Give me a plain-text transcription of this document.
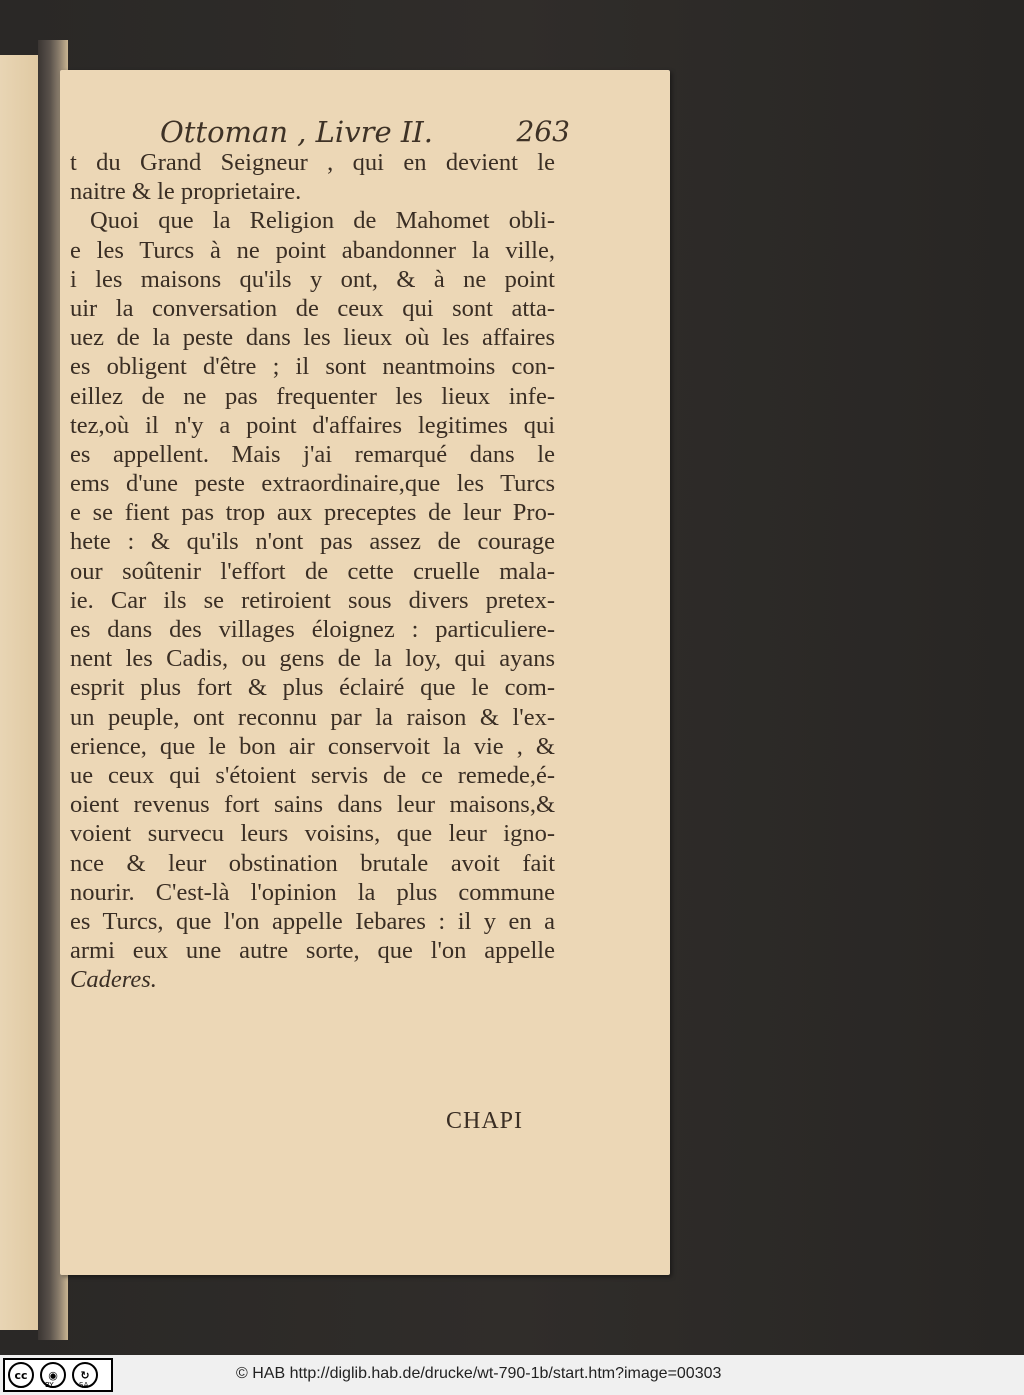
Ottoman , Livre II.	263
t du Grand Seigneur , qui en devient le
naitre & le proprietaire.
Quoi que la Religion de Mahomet obli-
e les Turcs à ne point abandonner la ville,
i les maisons qu'ils y ont, & à ne point
uir la conversation de ceux qui sont atta-
uez de la peste dans les lieux où les affaires
es obligent d'être ; il sont neantmoins con-
eillez de ne pas frequenter les lieux infe-
tez,où il n'y a point d'affaires legitimes qui
es appellent. Mais j'ai remarqué dans le
ems d'une peste extraordinaire,que les Turcs
e se fient pas trop aux preceptes de leur Pro-
hete : & qu'ils n'ont pas assez de courage
our soûtenir l'effort de cette cruelle mala-
ie. Car ils se retiroient sous divers pretex-
es dans des villages éloignez : particuliere-
nent les Cadis, ou gens de la loy, qui ayans
esprit plus fort & plus éclairé que le com-
un peuple, ont reconnu par la raison & l'ex-
erience, que le bon air conservoit la vie , &
ue ceux qui s'étoient servis de ce remede,é-
oient revenus fort sains dans leur maisons,&
voient survecu leurs voisins, que leur igno-
nce & leur obstination brutale avoit fait
nourir. C'est-là l'opinion la plus commune
es Turcs, que l'on appelle Iebares : il y en a
armi eux une autre sorte, que l'on appelle
Caderes.
CHAPI
cc	◉	↻
BY	SA
© HAB http://diglib.hab.de/drucke/wt-790-1b/start.htm?image=00303
